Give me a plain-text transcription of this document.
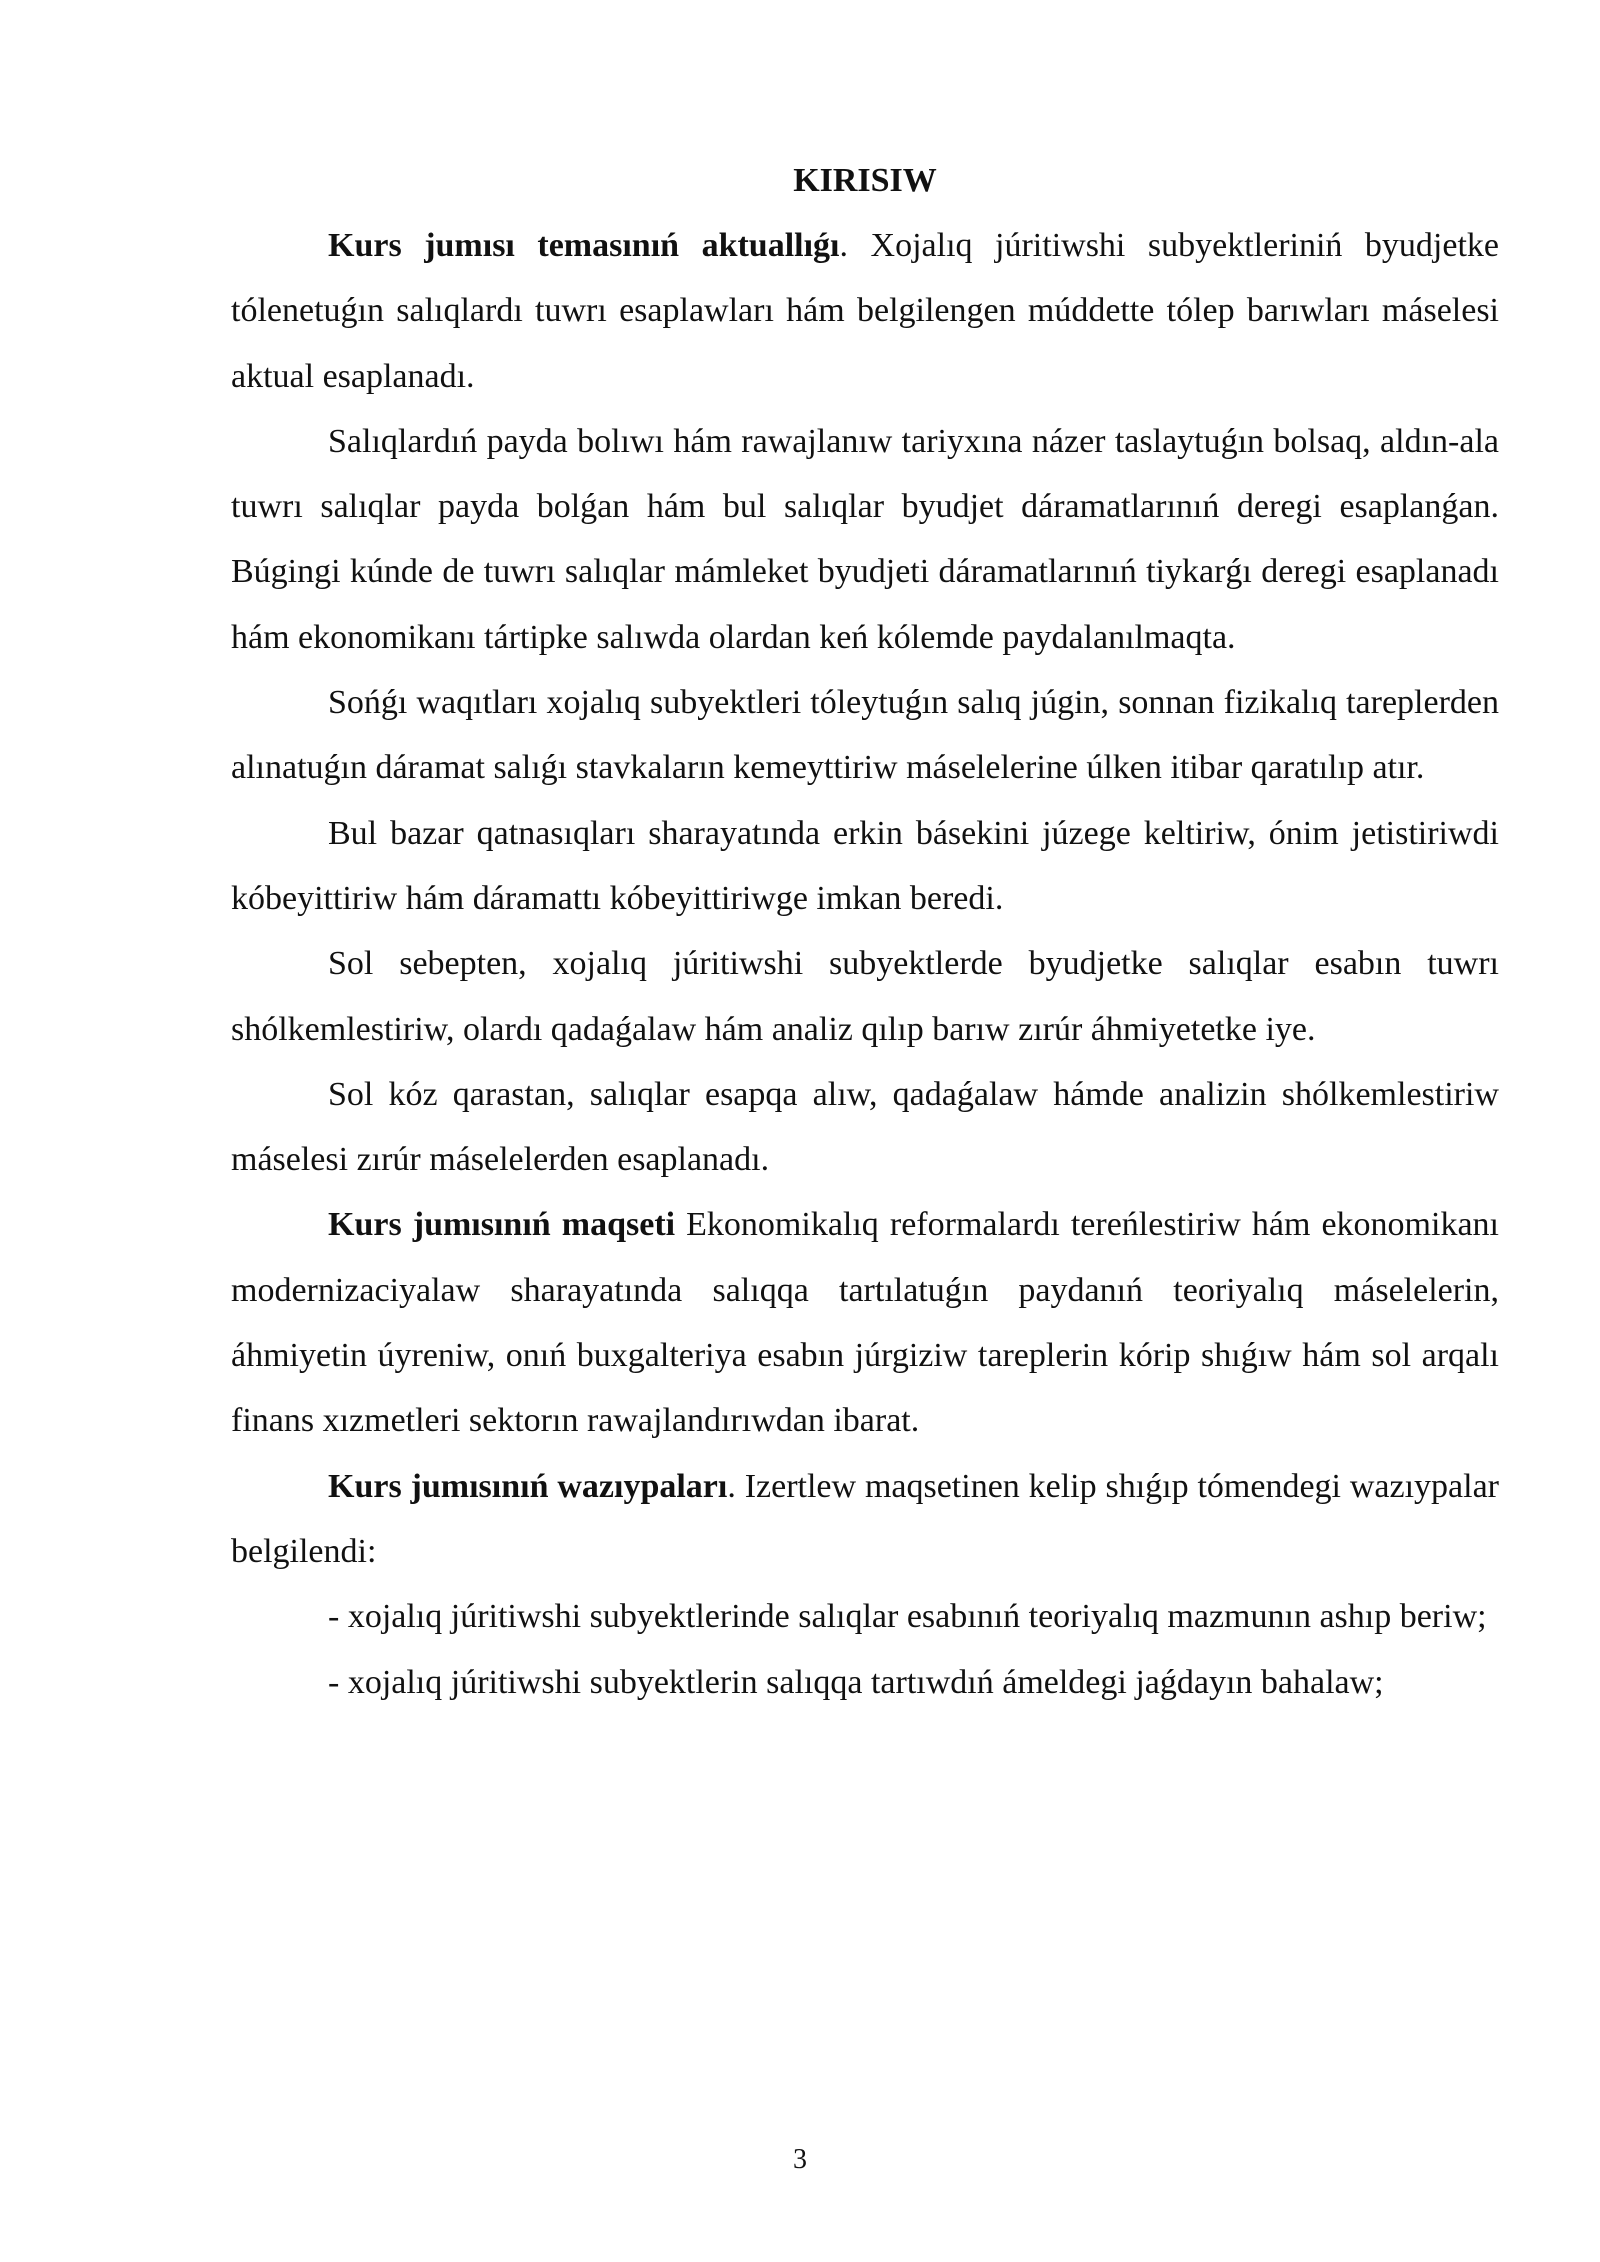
KIRISIW

Kurs jumısı temasınıń aktuallıǵı. Xojalıq júritiwshi subyektleriniń byudjetke tólenetuǵın salıqlardı tuwrı esaplawları hám belgilengen múddette tólep barıwları máselesi aktual esaplanadı.

Salıqlardıń payda bolıwı hám rawajlanıw tariyxına názer taslaytuǵın bolsaq, aldın-ala tuwrı salıqlar payda bolǵan hám bul salıqlar byudjet dáramatlarınıń deregi esaplanǵan. Búgingi kúnde de tuwrı salıqlar mámleket byudjeti dáramatlarınıń tiykarǵı deregi esaplanadı hám ekonomikanı tártipke salıwda olardan keń kólemde paydalanılmaqta.

Sońǵı waqıtları xojalıq subyektleri tóleytuǵın salıq júgin, sonnan fizikalıq tareplerden alınatuǵın dáramat salıǵı stavkaların kemeyttiriw máselelerine úlken itibar qaratılıp atır.

Bul bazar qatnasıqları sharayatında erkin básekini júzege keltiriw, ónim jetistiriwdi kóbeyittiriw hám dáramattı kóbeyittiriwge imkan beredi.

Sol sebepten, xojalıq júritiwshi subyektlerde byudjetke salıqlar esabın tuwrı shólkemlestiriw, olardı qadaǵalaw hám analiz qılıp barıw zırúr áhmiyetetke iye.

Sol kóz qarastan, salıqlar esapqa alıw, qadaǵalaw hámde analizin shólkemlestiriw máselesi zırúr máselelerden esaplanadı.

Kurs jumısınıń maqseti Ekonomikalıq reformalardı tereńlestiriw hám ekonomikanı modernizaciyalaw sharayatında salıqqa tartılatuǵın paydanıń teoriyalıq máselelerin, áhmiyetin úyreniw, onıń buxgalteriya esabın júrgiziw tareplerin kórip shıǵıw hám sol arqalı finans xızmetleri sektorın rawajlandırıwdan ibarat.

Kurs jumısınıń wazıypaları. Izertlew maqsetinen kelip shıǵıp tómendegi wazıypalar belgilendi:

- xojalıq júritiwshi subyektlerinde salıqlar esabınıń teoriyalıq mazmunın ashıp beriw;

- xojalıq júritiwshi subyektlerin salıqqa tartıwdıń ámeldegi jaǵdayın bahalaw;

3
